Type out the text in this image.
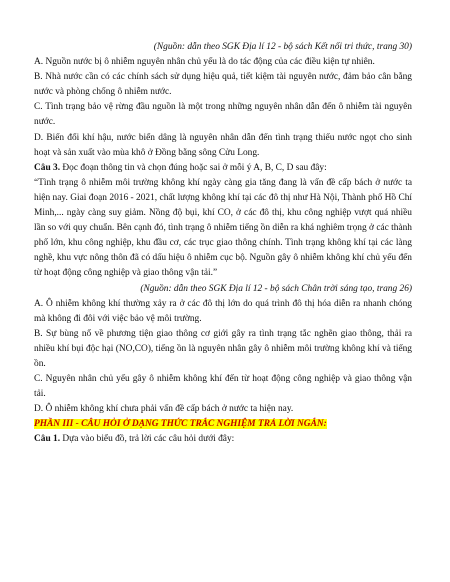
(Nguồn: dẫn theo SGK Địa lí 12 - bộ sách Kết nối tri thức, trang 30)

A. Nguồn nước bị ô nhiễm nguyên nhân chủ yếu là do tác động của các điều kiện tự nhiên.

B. Nhà nước cần có các chính sách sử dụng hiệu quả, tiết kiệm tài nguyên nước, đảm bảo cân bằng nước và phòng chống ô nhiễm nước.

C. Tình trạng bảo vệ rừng đầu nguồn là một trong những nguyên nhân dẫn đến ô nhiễm tài nguyên nước.

D. Biến đổi khí hậu, nước biển dâng là nguyên nhân dẫn đến tình trạng thiếu nước ngọt cho sinh hoạt và sản xuất vào mùa khô ở Đồng bằng sông Cửu Long.

Câu 3. Đọc đoạn thông tin và chọn đúng hoặc sai ở mỗi ý A, B, C, D sau đây:

“Tình trạng ô nhiễm môi trường không khí ngày càng gia tăng đang là vấn đề cấp bách ở nước ta hiện nay. Giai đoạn 2016 - 2021, chất lượng không khí tại các đô thị như Hà Nội, Thành phố Hồ Chí Minh,... ngày càng suy giảm. Nồng độ bụi, khí CO, ở các đô thị, khu công nghiệp vượt quá nhiều lần so với quy chuẩn. Bên cạnh đó, tình trạng ô nhiễm tiếng ồn diễn ra khá nghiêm trọng ở các thành phố lớn, khu công nghiệp, khu đầu cơ, các trục giao thông chính. Tình trạng không khí tại các làng nghề, khu vực nông thôn đã có dấu hiệu ô nhiễm cục bộ. Nguồn gây ô nhiễm không khí chủ yếu đến từ hoạt động công nghiệp và giao thông vận tải.”

(Nguồn: dẫn theo SGK Địa lí 12 - bộ sách Chân trời sáng tạo, trang 26)

A. Ô nhiễm không khí thường xảy ra ở các đô thị lớn do quá trình đô thị hóa diễn ra nhanh chóng mà không đi đôi với việc bảo vệ môi trường.

B. Sự bùng nổ về phương tiện giao thông cơ giới gây ra tình trạng tắc nghẽn giao thông, thải ra nhiều khí bụi độc hại (NO,CO), tiếng ồn là nguyên nhân gây ô nhiễm môi trường không khí và tiếng ồn.

C. Nguyên nhân chủ yếu gây ô nhiễm không khí đến từ hoạt động công nghiệp và giao thông vận tải.

D. Ô nhiễm không khí chưa phải vấn đề cấp bách ở nước ta hiện nay.

PHẦN III - CÂU HỎI Ở DẠNG THỨC TRẮC NGHIỆM TRẢ LỜI NGẮN:

Câu 1. Dựa vào biểu đồ, trả lời các câu hỏi dưới đây:
